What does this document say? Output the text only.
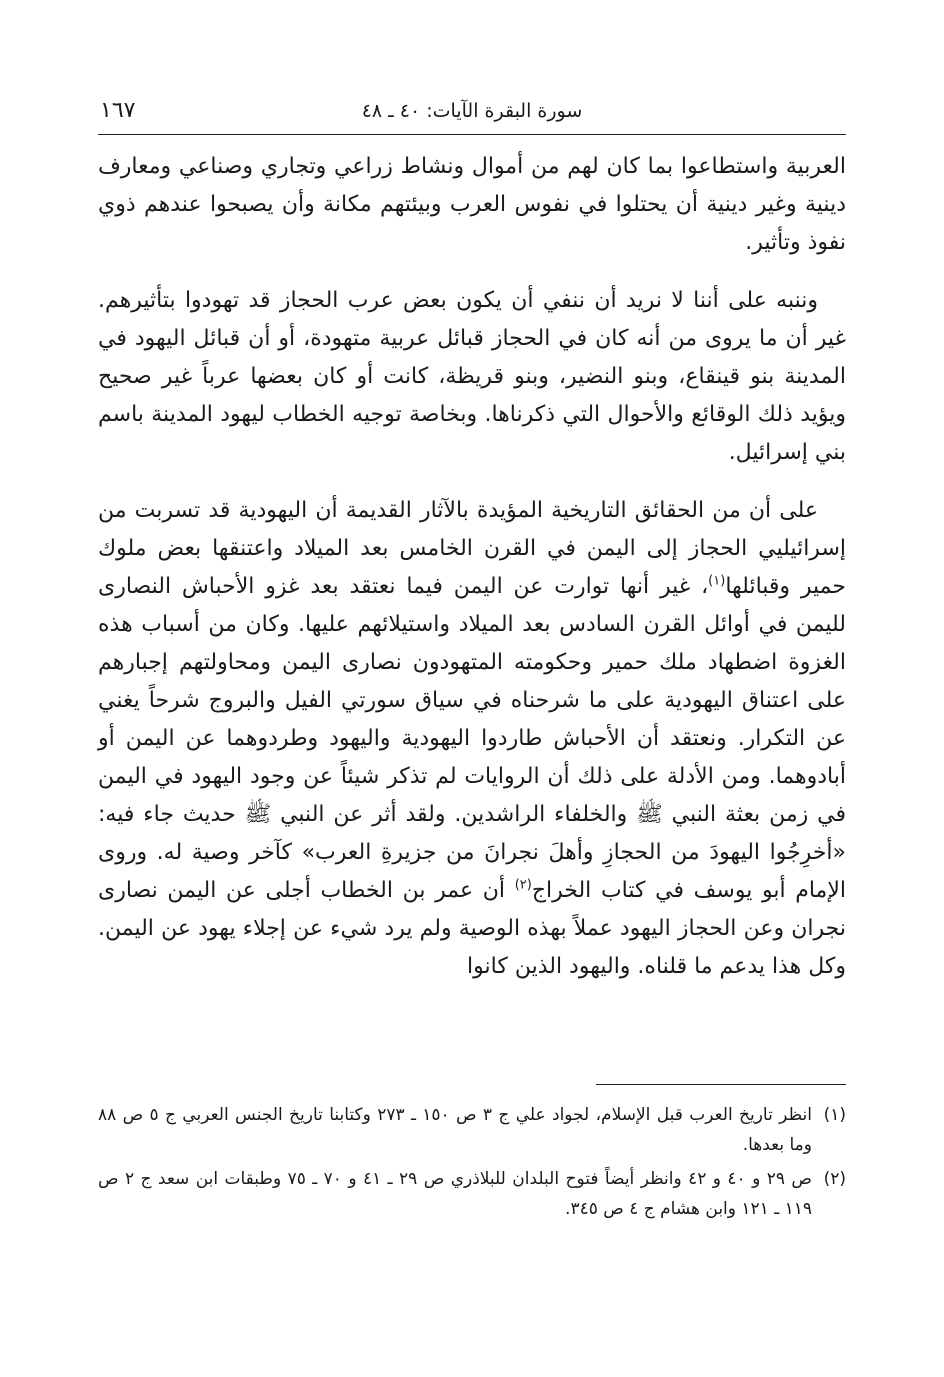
سورة البقرة الآيات: ٤٠ ـ ٤٨
١٦٧

العربية واستطاعوا بما كان لهم من أموال ونشاط زراعي وتجاري وصناعي ومعارف دينية وغير دينية أن يحتلوا في نفوس العرب وبيئتهم مكانة وأن يصبحوا عندهم ذوي نفوذ وتأثير.

وننبه على أننا لا نريد أن ننفي أن يكون بعض عرب الحجاز قد تهودوا بتأثيرهم. غير أن ما يروى من أنه كان في الحجاز قبائل عربية متهودة، أو أن قبائل اليهود في المدينة بنو قينقاع، وبنو النضير، وبنو قريظة، كانت أو كان بعضها عرباً غير صحيح ويؤيد ذلك الوقائع والأحوال التي ذكرناها. وبخاصة توجيه الخطاب ليهود المدينة باسم بني إسرائيل.

على أن من الحقائق التاريخية المؤيدة بالآثار القديمة أن اليهودية قد تسربت من إسرائيليي الحجاز إلى اليمن في القرن الخامس بعد الميلاد واعتنقها بعض ملوك حمير وقبائلها$^{(١)}$، غير أنها توارت عن اليمن فيما نعتقد بعد غزو الأحباش النصارى لليمن في أوائل القرن السادس بعد الميلاد واستيلائهم عليها. وكان من أسباب هذه الغزوة اضطهاد ملك حمير وحكومته المتهودون نصارى اليمن ومحاولتهم إجبارهم على اعتناق اليهودية على ما شرحناه في سياق سورتي الفيل والبروج شرحاً يغني عن التكرار. ونعتقد أن الأحباش طاردوا اليهودية واليهود وطردوهما عن اليمن أو أبادوهما. ومن الأدلة على ذلك أن الروايات لم تذكر شيئاً عن وجود اليهود في اليمن في زمن بعثة النبي ﷺ والخلفاء الراشدين. ولقد أثر عن النبي ﷺ حديث جاء فيه: «أخرِجُوا اليهودَ من الحجازِ وأهلَ نجرانَ من جزيرةِ العرب» كآخر وصية له. وروى الإمام أبو يوسف في كتاب الخراج$^{(٢)}$ أن عمر بن الخطاب أجلى عن اليمن نصارى نجران وعن الحجاز اليهود عملاً بهذه الوصية ولم يرد شيء عن إجلاء يهود عن اليمن. وكل هذا يدعم ما قلناه. واليهود الذين كانوا

(١)
انظر تاريخ العرب قبل الإسلام، لجواد علي ج ٣ ص ١٥٠ ـ ٢٧٣ وكتابنا تاريخ الجنس العربي ج ٥ ص ٨٨ وما بعدها.
(٢)
ص ٢٩ و ٤٠ و ٤٢ وانظر أيضاً فتوح البلدان للبلاذري ص ٢٩ ـ ٤١ و ٧٠ ـ ٧٥ وطبقات ابن سعد ج ٢ ص ١١٩ ـ ١٢١ وابن هشام ج ٤ ص ٣٤٥.
